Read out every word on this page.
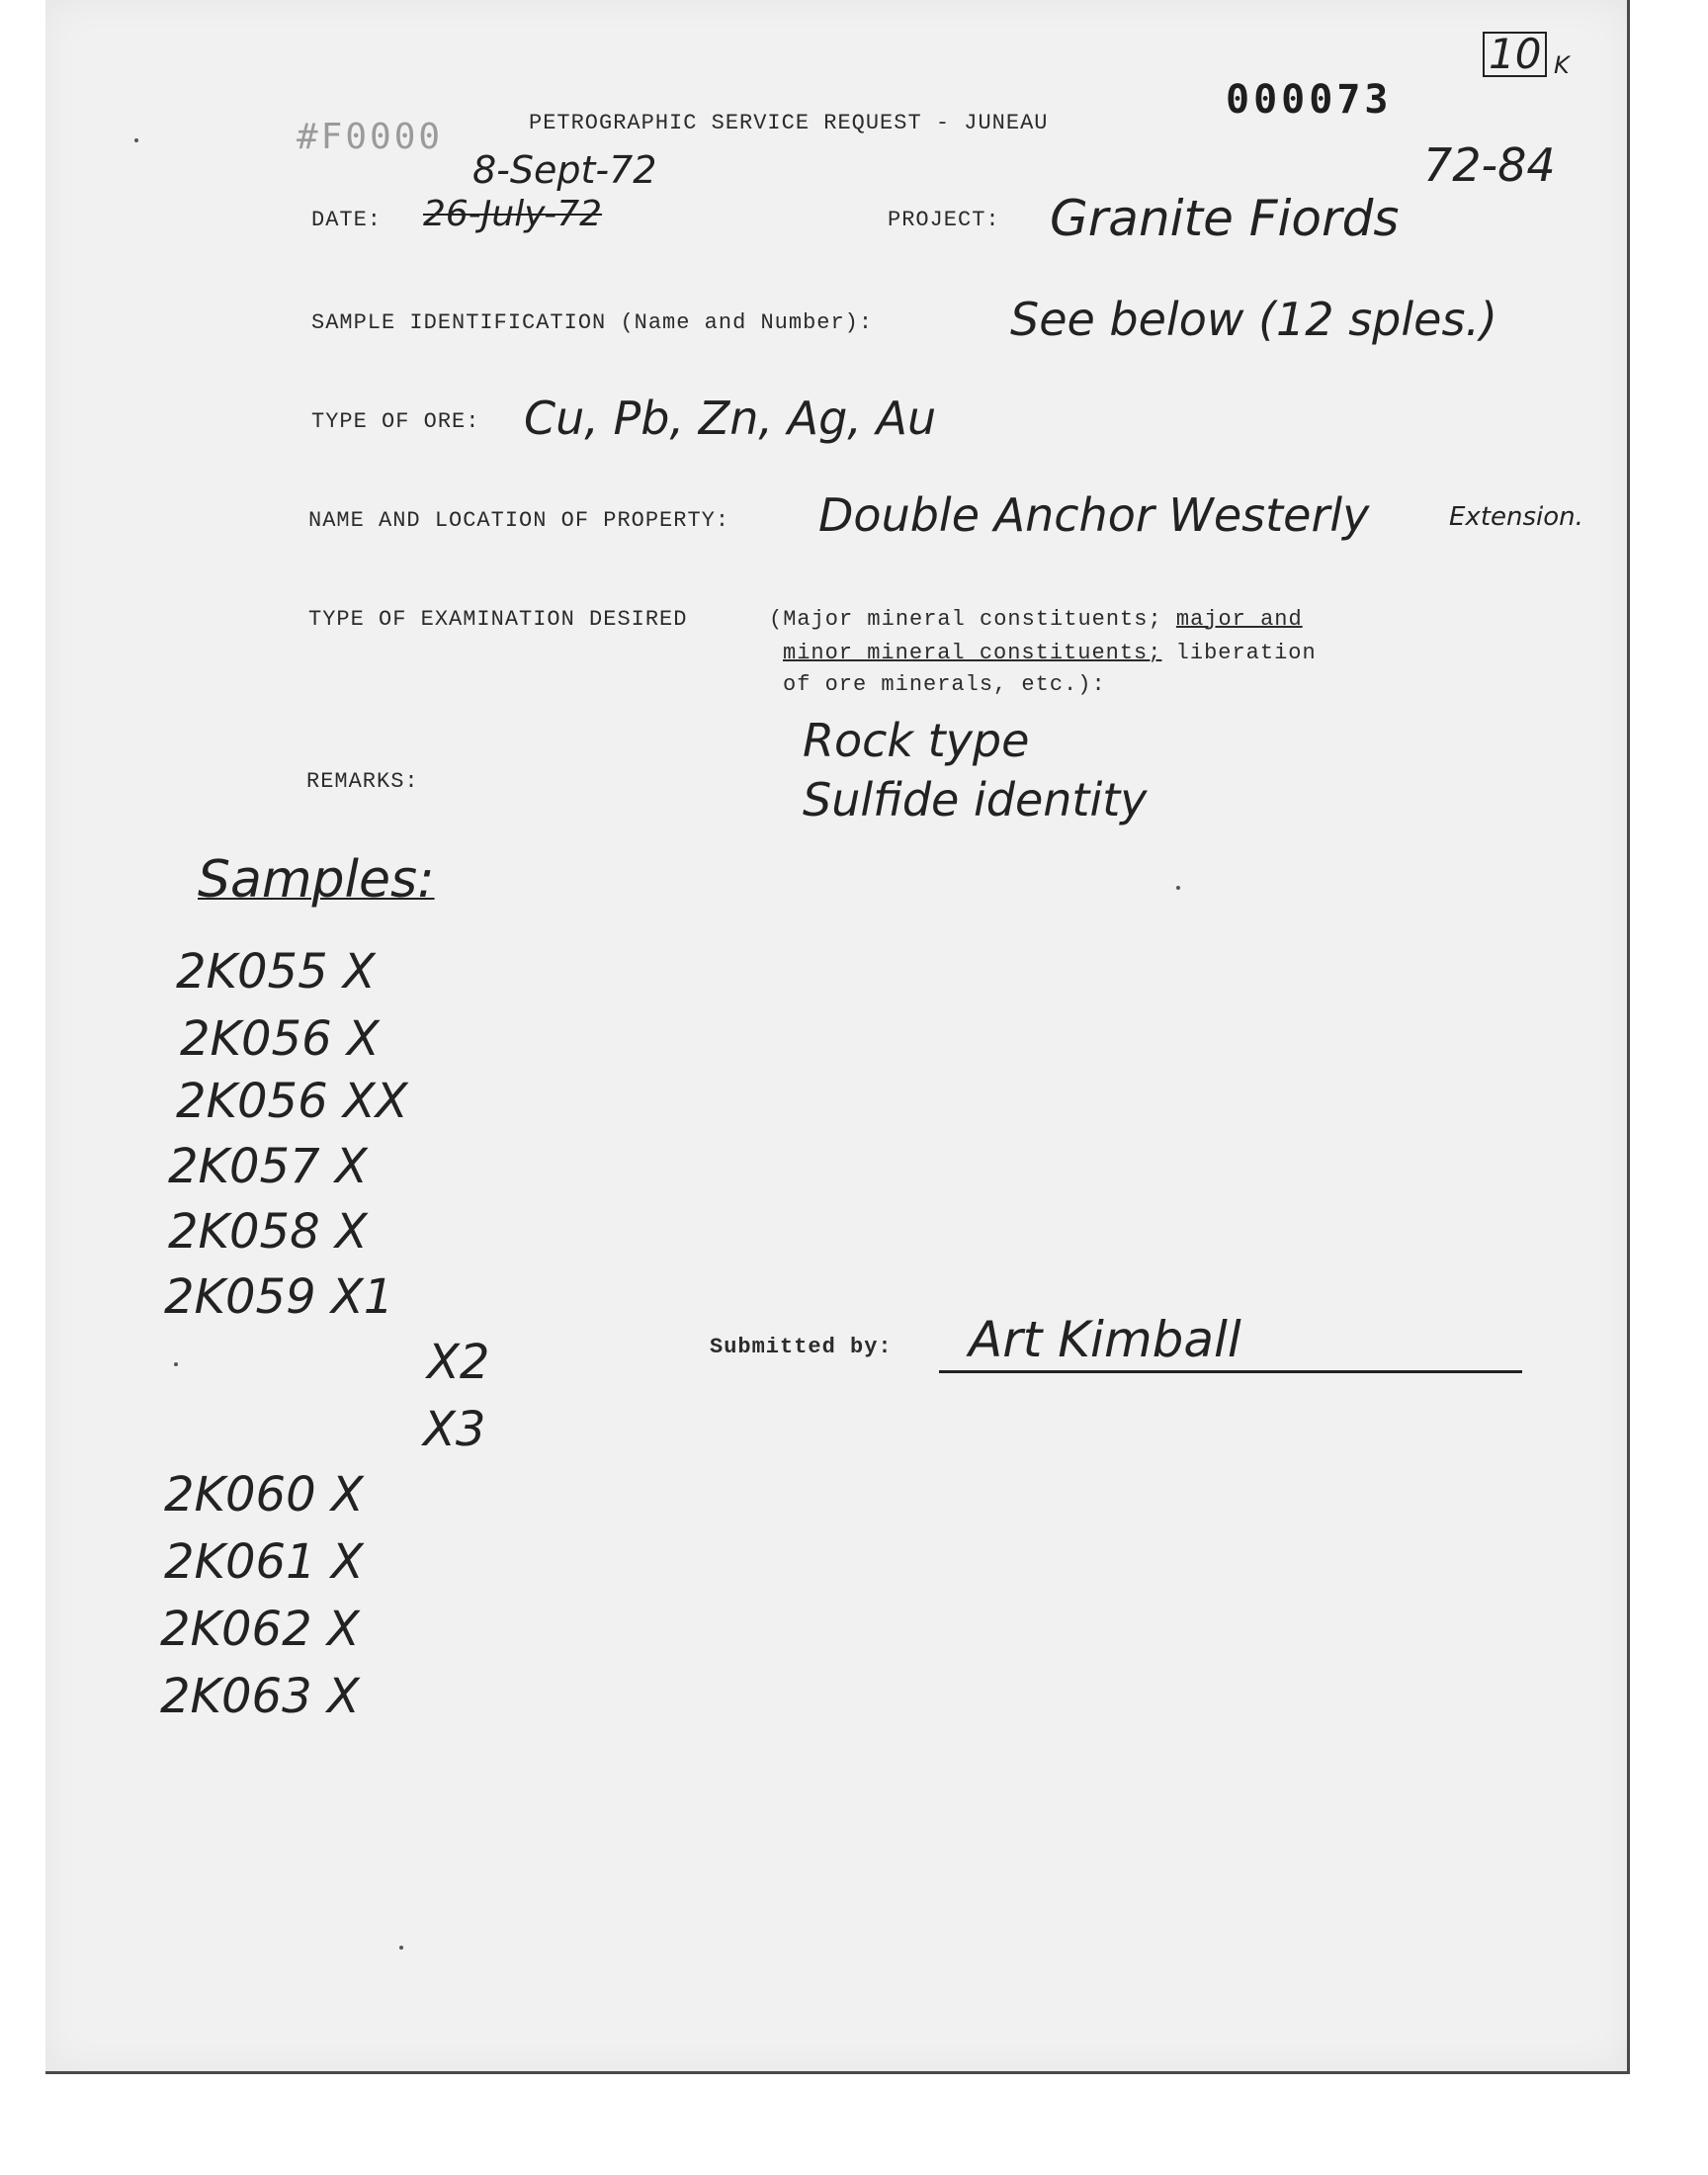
10 K
72-84
000073
#F0000	PETROGRAPHIC SERVICE REQUEST - JUNEAU
8-Sept-72
DATE: 26-July-72	PROJECT: Granite Fiords
SAMPLE IDENTIFICATION (Name and Number):	See below (12 sples.)
TYPE OF ORE: Cu, Pb, Zn, Ag, Au
NAME AND LOCATION OF PROPERTY: Double Anchor Westerly	Extension.
TYPE OF EXAMINATION DESIRED	(Major mineral constituents; major and
minor mineral constituents; liberation
of ore minerals, etc.):
Rock type
Sulfide identity
REMARKS:
Samples:
2K055 X
2K056 X
2K056 XX
2K057 X
2K058 X
2K059 X1
X2
X3
2K060 X
2K061 X
2K062 X
2K063 X
Submitted by: Art Kimball
